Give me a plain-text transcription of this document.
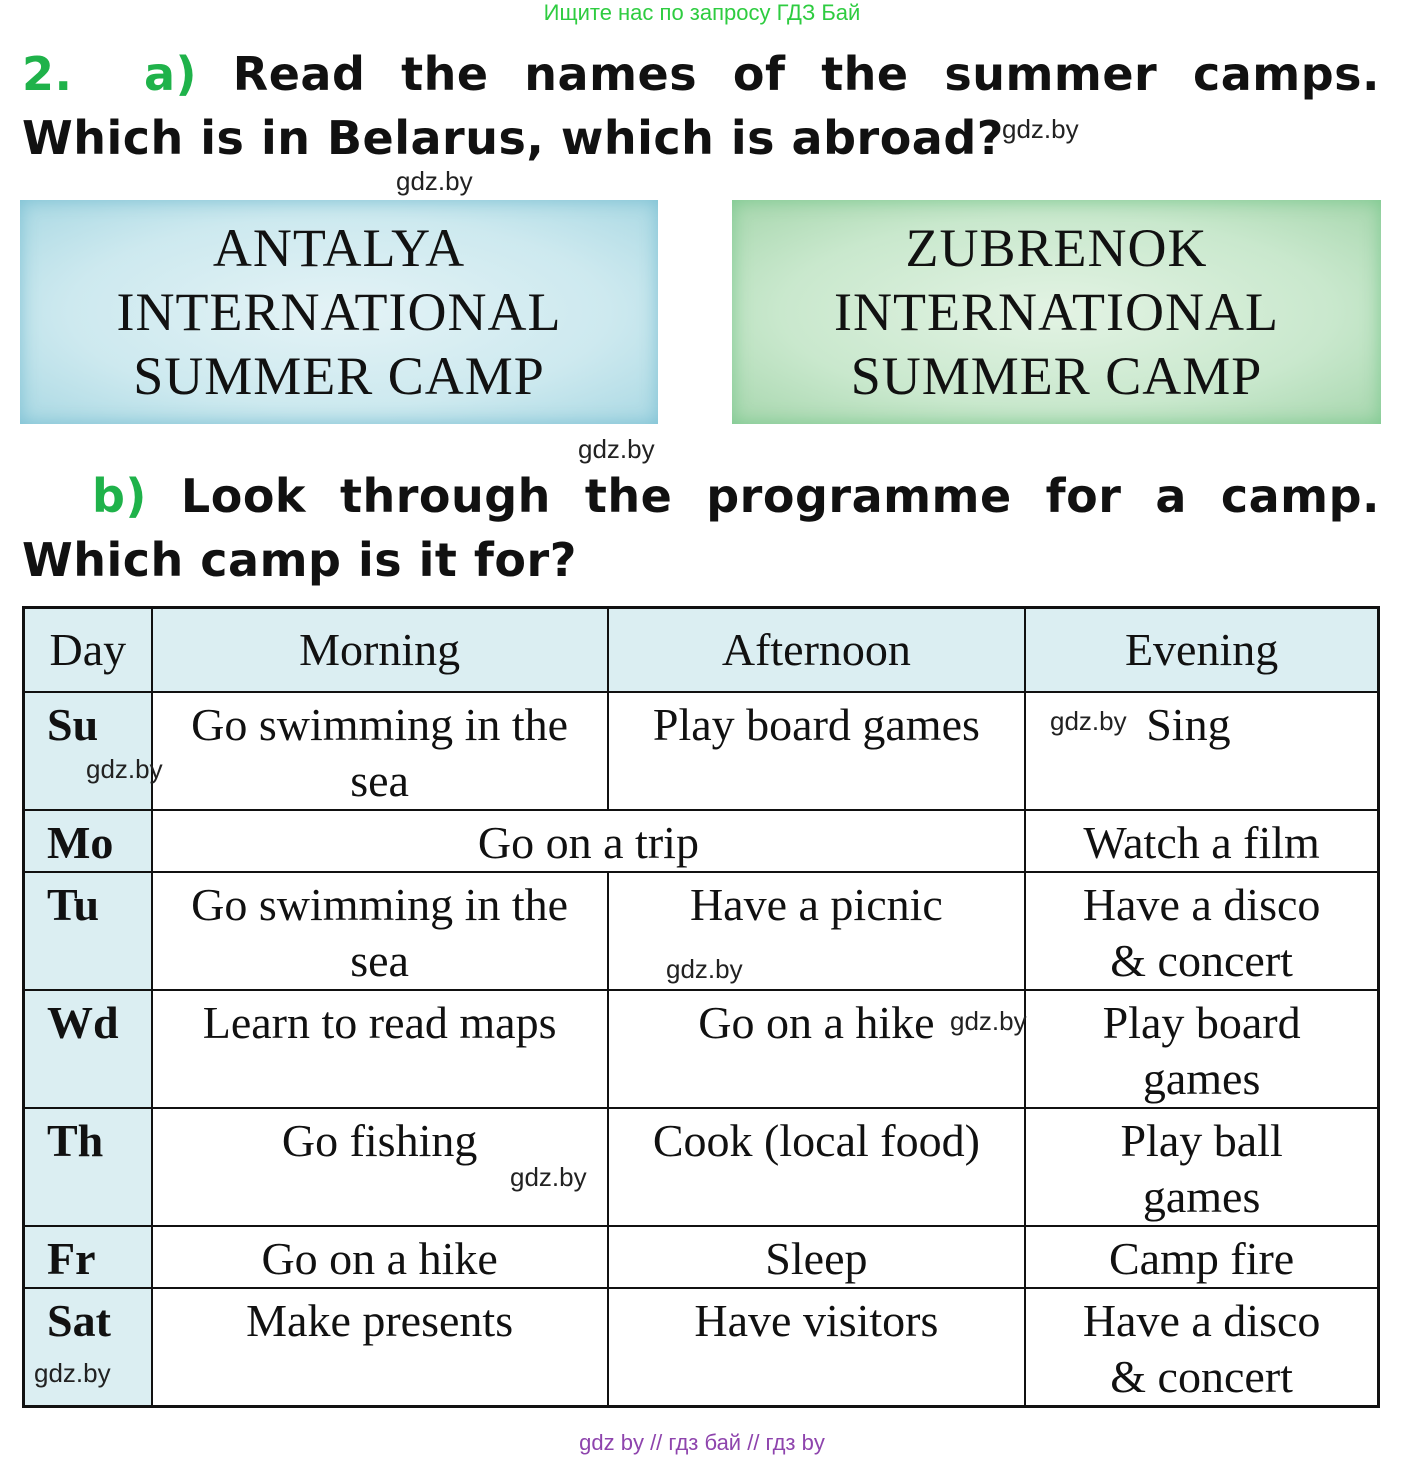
Ищите нас по запросу ГДЗ Бай
2. a) Read the names of the summer camps. Which is in Belarus, which is abroad?
gdz.by
gdz.by
ANTALYA
INTERNATIONAL
SUMMER CAMP
ZUBRENOK
INTERNATIONAL
SUMMER CAMP
gdz.by
b) Look through the programme for a camp. Which camp is it for?
Day	Morning	Afternoon	Evening
Su	Go swimming in the sea	Play board games	Sing
Mo	Go on a trip		Watch a film
Tu	Go swimming in the sea	Have a picnic	Have a disco & concert
Wd	Learn to read maps	Go on a hike	Play board games
Th	Go fishing	Cook (local food)	Play ball games
Fr	Go on a hike	Sleep	Camp fire
Sat	Make presents	Have visitors	Have a disco & concert
gdz.by
gdz.by
gdz.by
gdz.by
gdz.by
gdz.by
gdz by // гдз бай // гдз by
